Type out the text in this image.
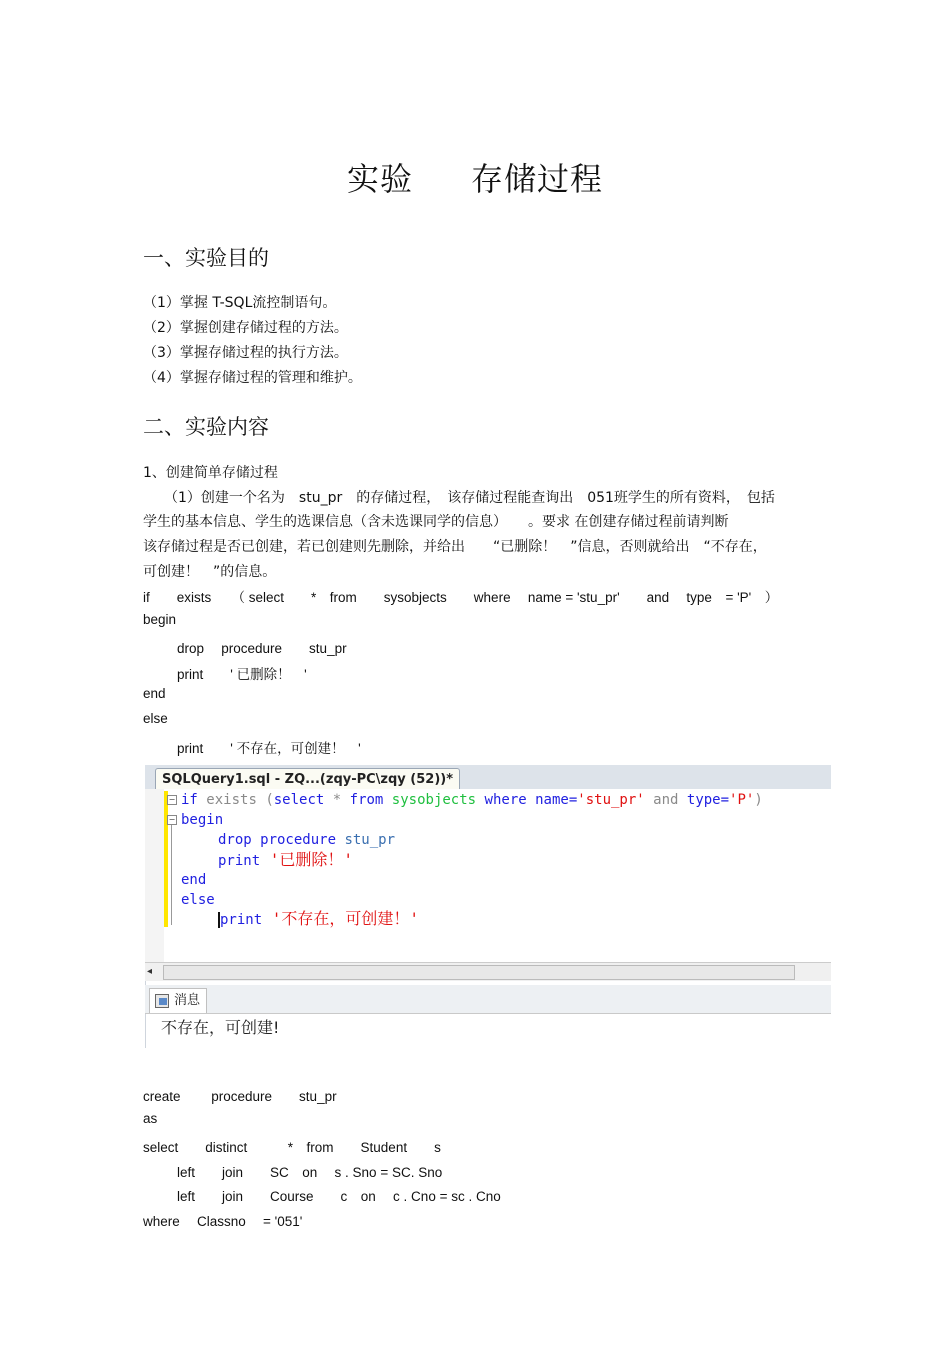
实验 存储过程
一、实验目的
（1）掌握 T-SQL流控制语句。
（2）掌握创建存储过程的方法。
（3）掌握存储过程的执行方法。
（4）掌握存储过程的管理和维护。
二、实验内容
1、创建简单存储过程
（1）创建一个名为　stu_pr　的存储过程，　该存储过程能查询出　051班学生的所有资料，　包括
学生的基本信息、学生的选课信息（含未选课同学的信息）　　。要求 在创建存储过程前请判断
该存储过程是否已创建，若已创建则先删除，并给出　　“已删除！　”信息，否则就给出　“不存在，
可创建！　”的信息。
if　　exists　　（ select　　*　from　　sysobjects　　where　 name = 'stu_pr'　　and　 type　= 'P'　）
begin
drop　 procedure　　stu_pr
print　　' 已删除！　'
end
else
print　　' 不存在，可创建！　'
SQLQuery1.sql - ZQ...(zqy-PC\zqy (52))*
−
−
if exists (select * from sysobjects where name='stu_pr' and type='P')
begin
drop procedure stu_pr
print '已删除！'
end
else
print '不存在，可创建！'
◂
消息
不存在，可创建!
create　　 procedure　　stu_pr
as
select　　distinct　　　*　from　　Student　　s
left　　join　　SC　on　 s . Sno = SC. Sno
left　　join　　Course　　c　on　 c . Cno = sc . Cno
where　 Classno　 = '051'
